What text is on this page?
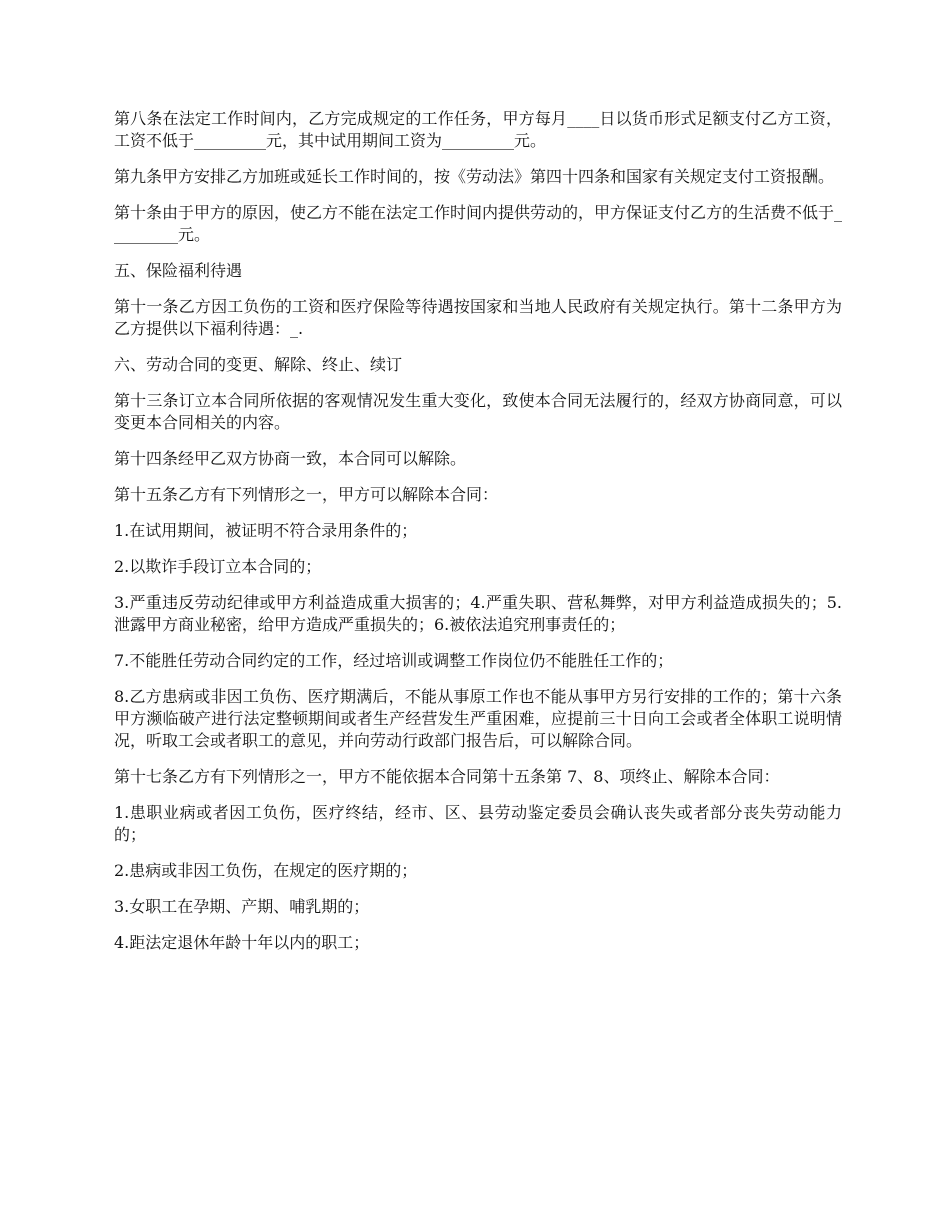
第八条在法定工作时间内，乙方完成规定的工作任务，甲方每月____日以货币形式足额支付乙方工资，工资不低于_________元，其中试用期间工资为_________元。

第九条甲方安排乙方加班或延长工作时间的，按《劳动法》第四十四条和国家有关规定支付工资报酬。

第十条由于甲方的原因，使乙方不能在法定工作时间内提供劳动的，甲方保证支付乙方的生活费不低于_________元。

五、保险福利待遇

第十一条乙方因工负伤的工资和医疗保险等待遇按国家和当地人民政府有关规定执行。第十二条甲方为乙方提供以下福利待遇：_.

六、劳动合同的变更、解除、终止、续订

第十三条订立本合同所依据的客观情况发生重大变化，致使本合同无法履行的，经双方协商同意，可以变更本合同相关的内容。

第十四条经甲乙双方协商一致，本合同可以解除。

第十五条乙方有下列情形之一，甲方可以解除本合同：

1.在试用期间，被证明不符合录用条件的；

2.以欺诈手段订立本合同的；

3.严重违反劳动纪律或甲方利益造成重大损害的；4.严重失职、营私舞弊，对甲方利益造成损失的；5.泄露甲方商业秘密，给甲方造成严重损失的；6.被依法追究刑事责任的；

7.不能胜任劳动合同约定的工作，经过培训或调整工作岗位仍不能胜任工作的；

8.乙方患病或非因工负伤、医疗期满后，不能从事原工作也不能从事甲方另行安排的工作的；第十六条甲方濒临破产进行法定整顿期间或者生产经营发生严重困难，应提前三十日向工会或者全体职工说明情况，听取工会或者职工的意见，并向劳动行政部门报告后，可以解除合同。

第十七条乙方有下列情形之一，甲方不能依据本合同第十五条第 7、8、项终止、解除本合同：

1.患职业病或者因工负伤，医疗终结，经市、区、县劳动鉴定委员会确认丧失或者部分丧失劳动能力的；

2.患病或非因工负伤，在规定的医疗期的；

3.女职工在孕期、产期、哺乳期的；

4.距法定退休年龄十年以内的职工；
